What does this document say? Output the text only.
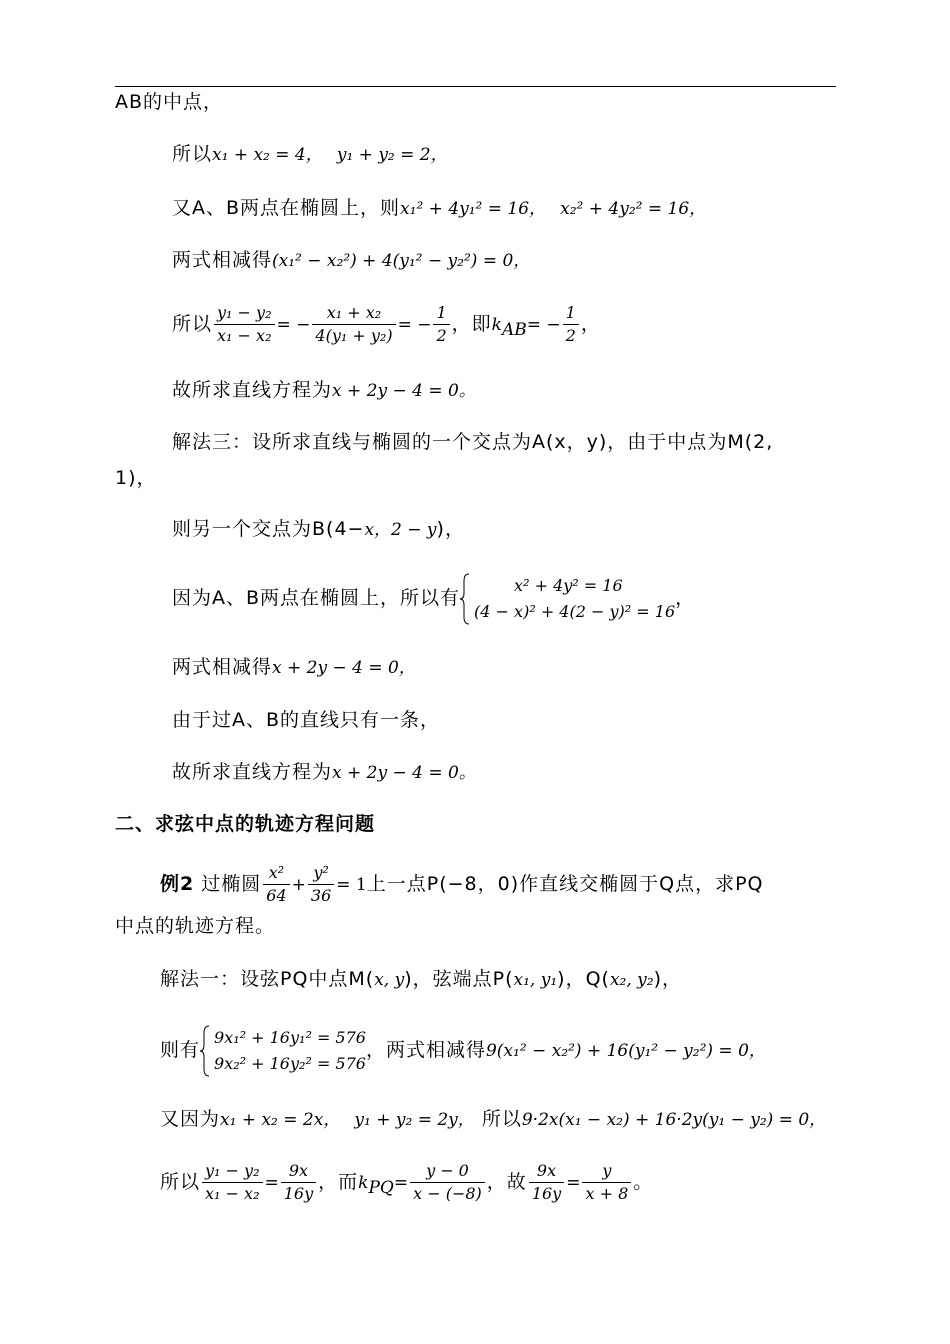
AB的中点，
所以x₁ + x₂ = 4， y₁ + y₂ = 2，
又A、B两点在椭圆上，则x₁² + 4y₁² = 16， x₂² + 4y₂² = 16，
两式相减得(x₁² − x₂²) + 4(y₁² − y₂²) = 0，
所以 $\frac{\text{y₁ − y₂}}{\text{x₁ − x₂}}$ = − $\frac{\text{x₁ + x₂}}{\text{4(y₁ + y₂)}}$ = − $\frac{1}{2}$ ，即$k_{AB}= - \frac{1}{2}$ ，
故所求直线方程为x + 2y − 4 = 0。
解法三：设所求直线与椭圆的一个交点为A(x，y)，由于中点为M(2,
1)，
则另一个交点为B(4−x，2 − y)，
因为A、B两点在椭圆上，所以有
x² + 4y² = 16
(4 − x)² + 4(2 − y)² = 16
，
两式相减得x + 2y − 4 = 0，
由于过A、B的直线只有一条，
故所求直线方程为x + 2y − 4 = 0。
二、求弦中点的轨迹方程问题
例2 过椭圆 $\frac{\text{x²}}{64} + \frac{\text{y²}}{36} = 1$上一点P(−8，0)作直线交椭圆于Q点，求PQ
中点的轨迹方程。
解法一：设弦PQ中点M(x, y)，弦端点P(x₁, y₁)，Q(x₂, y₂)，
则有
9x₁² + 16y₁² = 576
9x₂² + 16y₂² = 576
，两式相减得9(x₁² − x₂²) + 16(y₁² − y₂²) = 0，
又因为x₁ + x₂ = 2x， y₁ + y₂ = 2y， 所以9·2x(x₁ − x₂) + 16·2y(y₁ − y₂) = 0，
所以 $\frac{\text{y₁ − y₂}}{\text{x₁ − x₂}} = \frac{9x}{16y}$ ，而$k_{PQ}= \frac{y - 0}{x - (-8)}$ ，故 $\frac{9x}{16y} = \frac{y}{x + 8}$ 。
